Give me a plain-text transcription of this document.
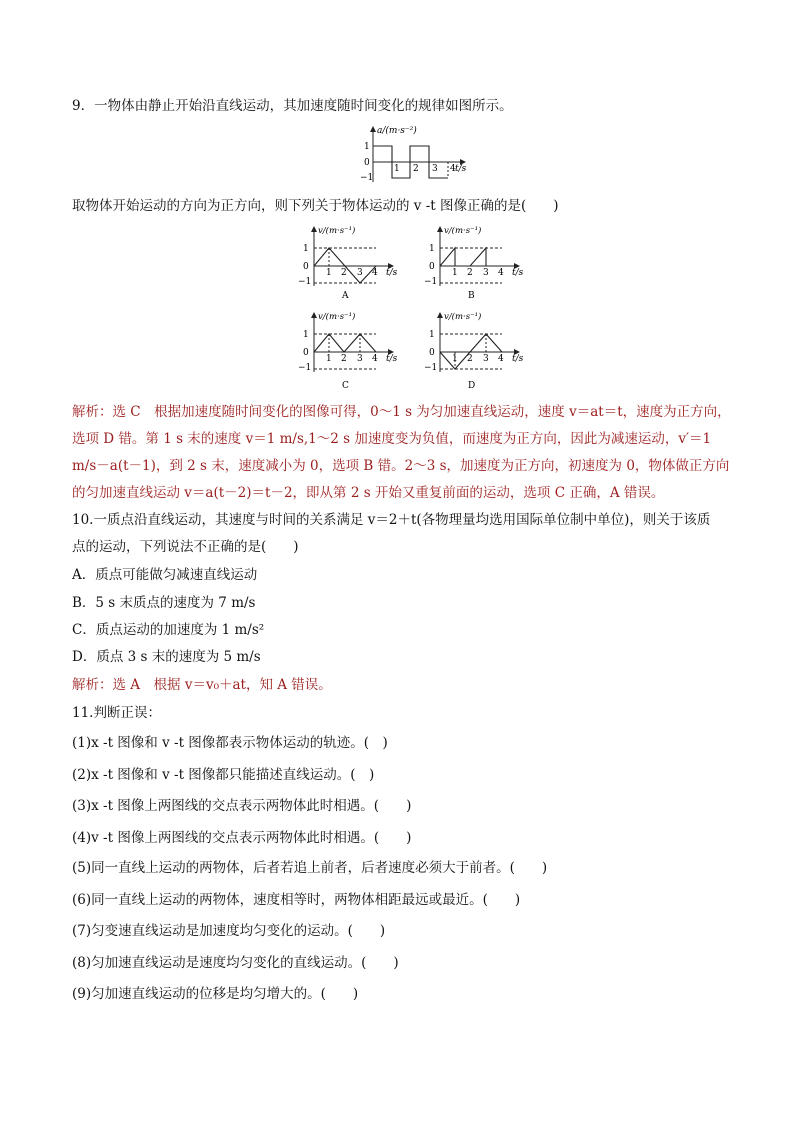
9．一物体由静止开始沿直线运动，其加速度随时间变化的规律如图所示。
a/(m·s⁻²)
1
0
−1
1 2 3 4 t/s
取物体开始运动的方向为正方向，则下列关于物体运动的 v -t 图像正确的是(　　)
v/(m·s⁻¹)
1
0
−1
1 2 3 4 t/s
A
v/(m·s⁻¹)
1
0
−1
1 2 3 4 t/s
B
v/(m·s⁻¹)
1
0
−1
1 2 3 4 t/s
C
v/(m·s⁻¹)
1
0
−1
1 2 3 4 t/s
D
解析：选 C　根据加速度随时间变化的图像可得，0～1 s 为匀加速直线运动，速度 v＝at＝t，速度为正方向，
选项 D 错。第 1 s 末的速度 v＝1 m/s,1～2 s 加速度变为负值，而速度为正方向，因此为减速运动，v′＝1
m/s－a(t－1)，到 2 s 末，速度减小为 0，选项 B 错。2～3 s，加速度为正方向，初速度为 0，物体做正方向
的匀加速直线运动 v＝a(t－2)＝t－2，即从第 2 s 开始又重复前面的运动，选项 C 正确，A 错误。
10.一质点沿直线运动，其速度与时间的关系满足 v＝2＋t(各物理量均选用国际单位制中单位)，则关于该质
点的运动，下列说法不正确的是(　　)
A．质点可能做匀减速直线运动
B．5 s 末质点的速度为 7 m/s
C．质点运动的加速度为 1 m/s²
D．质点 3 s 末的速度为 5 m/s
解析：选 A　根据 v＝v₀＋at，知 A 错误。
11.判断正误：
(1)x -t 图像和 v -t 图像都表示物体运动的轨迹。(　)
(2)x -t 图像和 v -t 图像都只能描述直线运动。(　)
(3)x -t 图像上两图线的交点表示两物体此时相遇。(　　)
(4)v -t 图像上两图线的交点表示两物体此时相遇。(　　)
(5)同一直线上运动的两物体，后者若追上前者，后者速度必须大于前者。(　　)
(6)同一直线上运动的两物体，速度相等时，两物体相距最远或最近。(　　)
(7)匀变速直线运动是加速度均匀变化的运动。(　　)
(8)匀加速直线运动是速度均匀变化的直线运动。(　　)
(9)匀加速直线运动的位移是均匀增大的。(　　)
